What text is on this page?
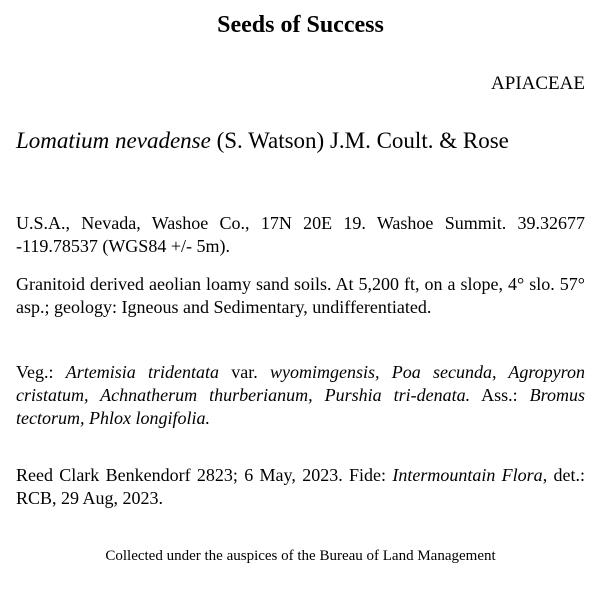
Seeds of Success
APIACEAE
Lomatium nevadense (S. Watson) J.M. Coult. & Rose
U.S.A., Nevada, Washoe Co., 17N 20E 19. Washoe Summit. 39.32677 -119.78537 (WGS84 +/- 5m).
Granitoid derived aeolian loamy sand soils. At 5,200 ft, on a slope, 4° slo. 57° asp.; geology: Igneous and Sedimentary, undifferentiated.
Veg.: Artemisia tridentata var. wyomimgensis, Poa secunda, Agropyron cristatum, Achnatherum thurberianum, Purshia tri-denata. Ass.: Bromus tectorum, Phlox longifolia.
Reed Clark Benkendorf 2823; 6 May, 2023. Fide: Intermountain Flora, det.: RCB, 29 Aug, 2023.
Collected under the auspices of the Bureau of Land Management
